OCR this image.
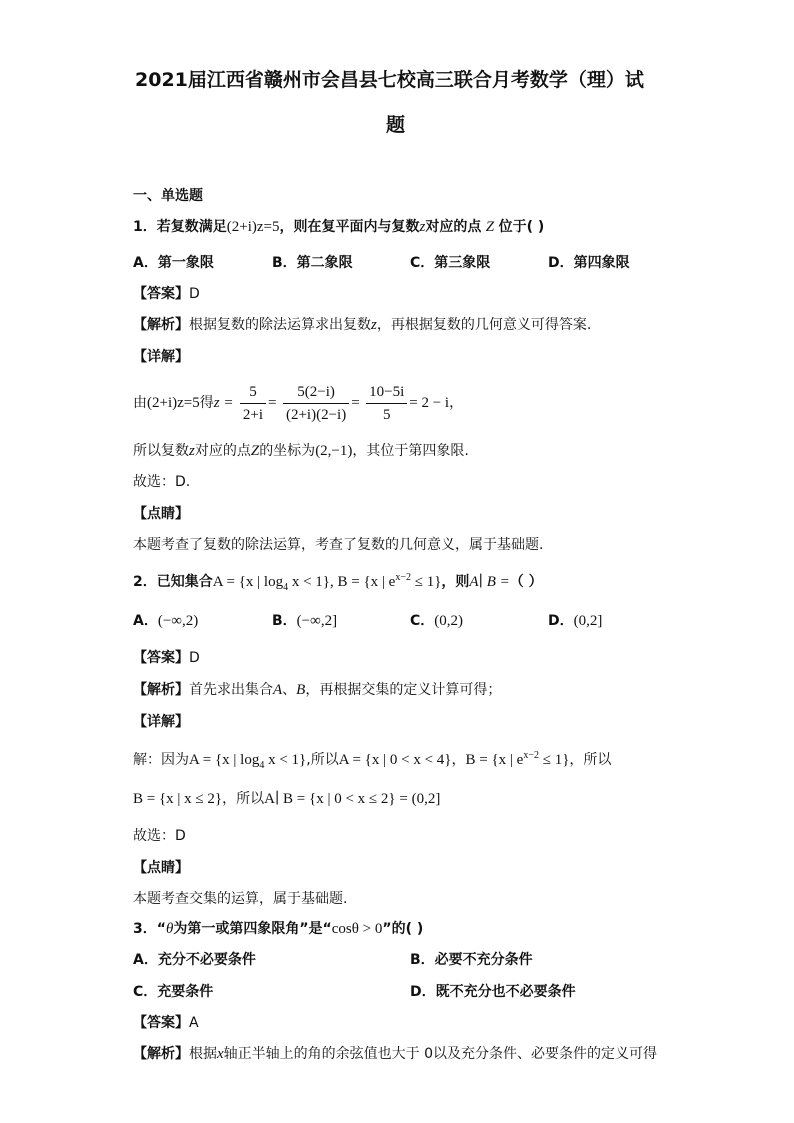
2021届江西省赣州市会昌县七校高三联合月考数学（理）试
题
一、单选题
1．若复数满足(2+i)z=5，则在复平面内与复数z对应的点 Z 位于( )
A．第一象限	B．第二象限	C．第三象限	D．第四象限
【答案】D
【解析】根据复数的除法运算求出复数z，再根据复数的几何意义可得答案.
【详解】
由(2+i)z=5得$z = \frac{5}{2+i} = \frac{5(2-i)}{(2+i)(2-i)} = \frac{10-5i}{5} = 2 - i$，
所以复数z对应的点Z的坐标为(2,−1)，其位于第四象限.
故选：D.
【点睛】
本题考查了复数的除法运算，考查了复数的几何意义，属于基础题.
2．已知集合A = {x | $\log_4 x < 1$}, B = {x | $e^{x-2} \le 1$}，则A∣ B =（ ）
A．(−∞,2)	B．(−∞,2]	C．(0,2)	D．(0,2]
【答案】D
【解析】首先求出集合A、B，再根据交集的定义计算可得；
【详解】
解：因为A = {x | $\log_4 x < 1$},所以A = {x | 0 < x < 4}，B = {x | $e^{x-2} \le 1$}，所以
B = {x | x ≤ 2}，所以A∣ B = {x | 0 < x ≤ 2} = (0,2]
故选：D
【点睛】
本题考查交集的运算，属于基础题.
3．“θ为第一或第四象限角”是“cosθ > 0”的( )
A．充分不必要条件	B．必要不充分条件
C．充要条件	D．既不充分也不必要条件
【答案】A
【解析】根据x轴正半轴上的角的余弦值也大于 0以及充分条件、必要条件的定义可得
